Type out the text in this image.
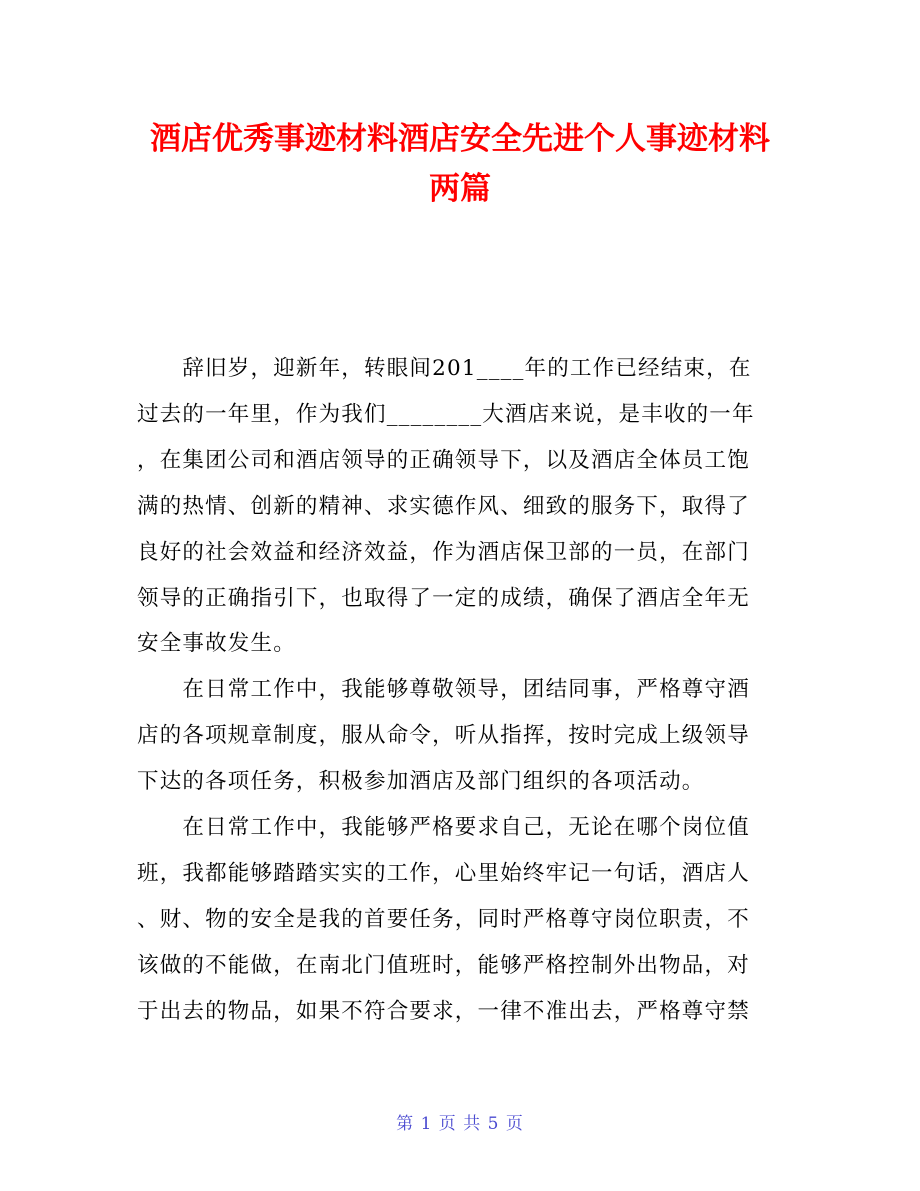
酒店优秀事迹材料酒店安全先进个人事迹材料
两篇
　　辞旧岁，迎新年，转眼间201____年的工作已经结束，在
过去的一年里，作为我们________大酒店来说，是丰收的一年
，在集团公司和酒店领导的正确领导下，以及酒店全体员工饱
满的热情、创新的精神、求实德作风、细致的服务下，取得了
良好的社会效益和经济效益，作为酒店保卫部的一员，在部门
领导的正确指引下，也取得了一定的成绩，确保了酒店全年无
安全事故发生。
　　在日常工作中，我能够尊敬领导，团结同事，严格尊守酒
店的各项规章制度，服从命令，听从指挥，按时完成上级领导
下达的各项任务，积极参加酒店及部门组织的各项活动。
　　在日常工作中，我能够严格要求自己，无论在哪个岗位值
班，我都能够踏踏实实的工作，心里始终牢记一句话，酒店人
、财、物的安全是我的首要任务，同时严格尊守岗位职责，不
该做的不能做，在南北门值班时，能够严格控制外出物品，对
于出去的物品，如果不符合要求，一律不准出去，严格尊守禁
第 1 页 共 5 页
